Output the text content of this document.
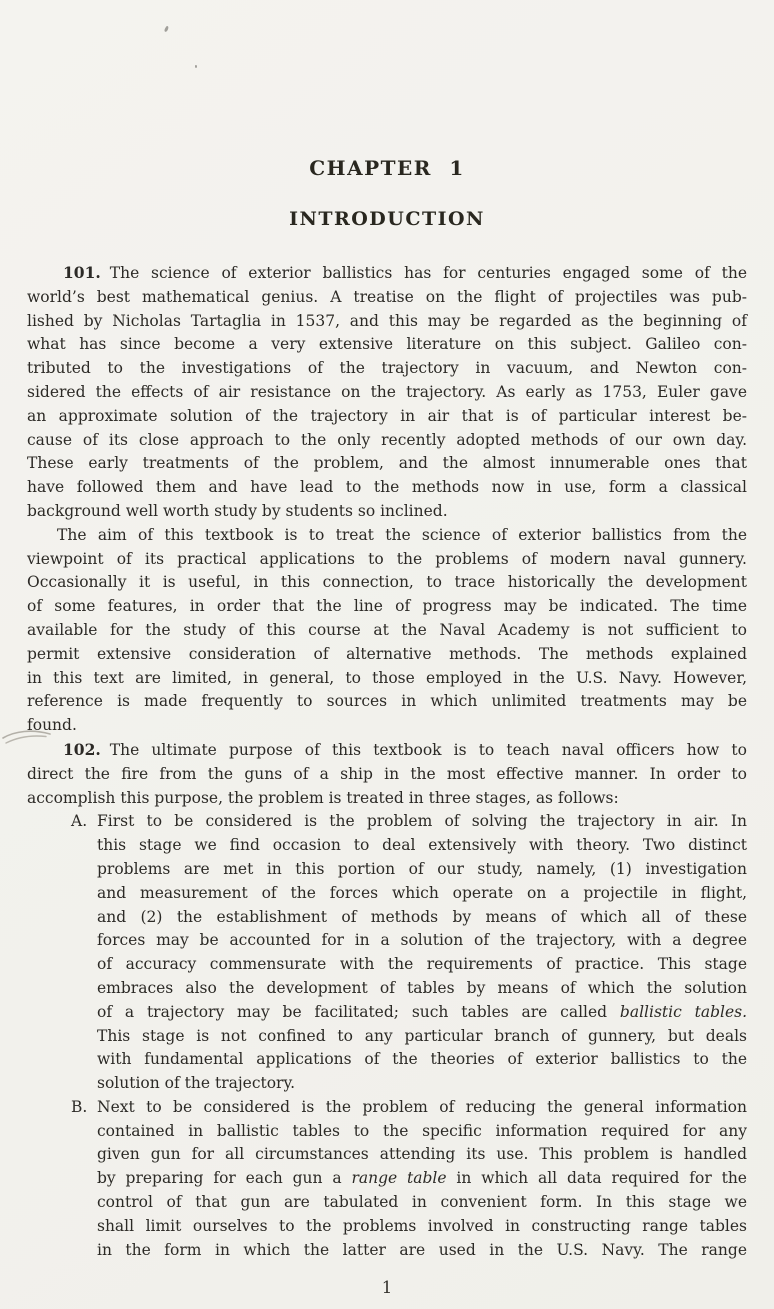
CHAPTER 1
INTRODUCTION
101. The science of exterior ballistics has for centuries engaged some of the
world’s best mathematical genius. A treatise on the flight of projectiles was pub-
lished by Nicholas Tartaglia in 1537, and this may be regarded as the beginning of
what has since become a very extensive literature on this subject. Galileo con-
tributed to the investigations of the trajectory in vacuum, and Newton con-
sidered the effects of air resistance on the trajectory. As early as 1753, Euler gave
an approximate solution of the trajectory in air that is of particular interest be-
cause of its close approach to the only recently adopted methods of our own day.
These early treatments of the problem, and the almost innumerable ones that
have followed them and have lead to the methods now in use, form a classical
background well worth study by students so inclined.
The aim of this textbook is to treat the science of exterior ballistics from the
viewpoint of its practical applications to the problems of modern naval gunnery.
Occasionally it is useful, in this connection, to trace historically the development
of some features, in order that the line of progress may be indicated. The time
available for the study of this course at the Naval Academy is not sufficient to
permit extensive consideration of alternative methods. The methods explained
in this text are limited, in general, to those employed in the U.S. Navy. However,
reference is made frequently to sources in which unlimited treatments may be
found.
102. The ultimate purpose of this textbook is to teach naval officers how to
direct the fire from the guns of a ship in the most effective manner. In order to
accomplish this purpose, the problem is treated in three stages, as follows:
A. First to be considered is the problem of solving the trajectory in air. In
this stage we find occasion to deal extensively with theory. Two distinct
problems are met in this portion of our study, namely, (1) investigation
and measurement of the forces which operate on a projectile in flight,
and (2) the establishment of methods by means of which all of these
forces may be accounted for in a solution of the trajectory, with a degree
of accuracy commensurate with the requirements of practice. This stage
embraces also the development of tables by means of which the solution
of a trajectory may be facilitated; such tables are called ballistic tables.
This stage is not confined to any particular branch of gunnery, but deals
with fundamental applications of the theories of exterior ballistics to the
solution of the trajectory.
B. Next to be considered is the problem of reducing the general information
contained in ballistic tables to the specific information required for any
given gun for all circumstances attending its use. This problem is handled
by preparing for each gun a range table in which all data required for the
control of that gun are tabulated in convenient form. In this stage we
shall limit ourselves to the problems involved in constructing range tables
in the form in which the latter are used in the U.S. Navy. The range
1
